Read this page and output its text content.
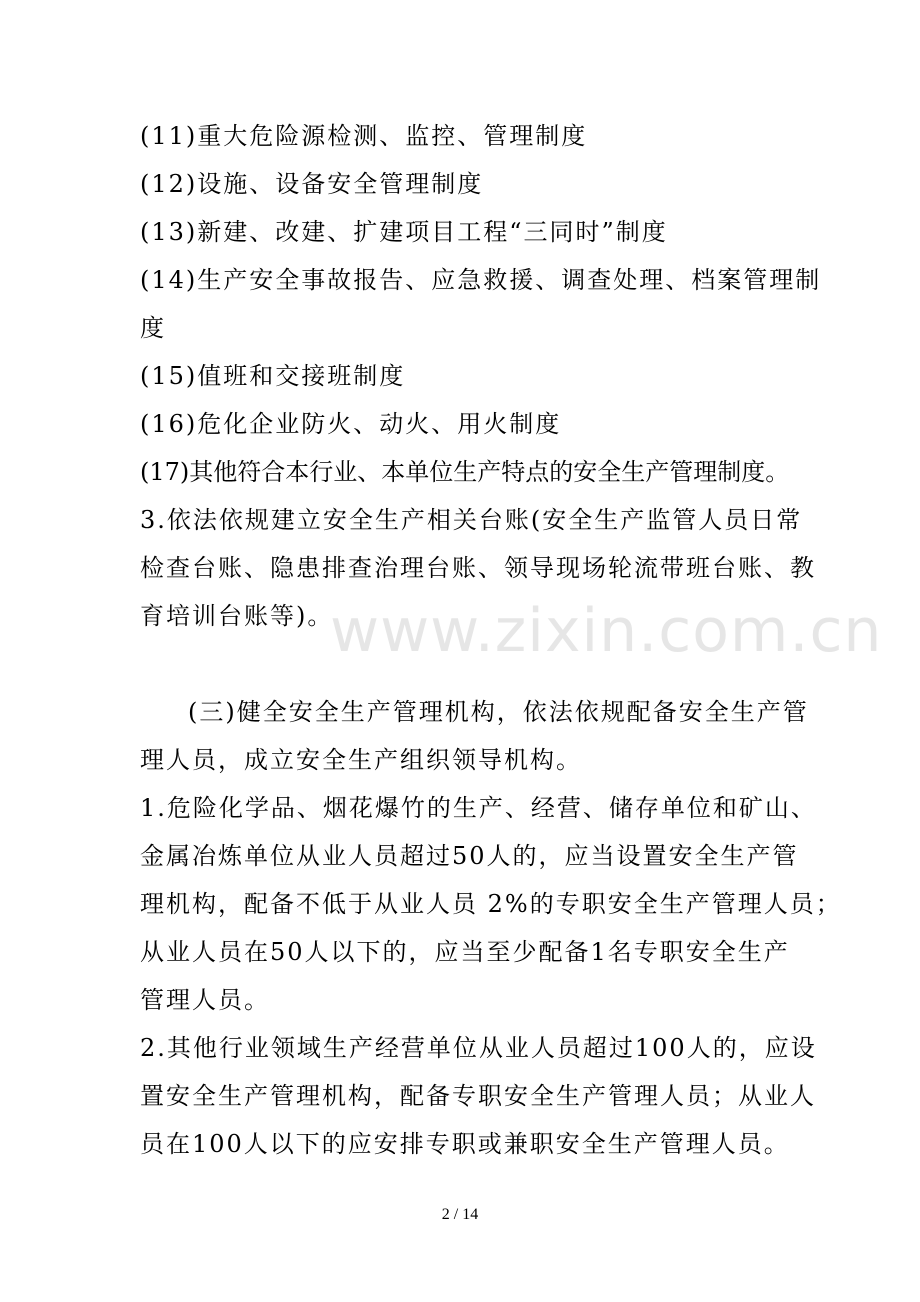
www.zixin.com.cn
(11)重大危险源检测、监控、管理制度
(12)设施、设备安全管理制度
(13)新建、改建、扩建项目工程“三同时”制度
(14)生产安全事故报告、应急救援、调查处理、档案管理制
度
(15)值班和交接班制度
(16)危化企业防火、动火、用火制度
(17)其他符合本行业、本单位生产特点的安全生产管理制度。
3.依法依规建立安全生产相关台账(安全生产监管人员日常
检查台账、隐患排查治理台账、领导现场轮流带班台账、教
育培训台账等)。
(三)健全安全生产管理机构，依法依规配备安全生产管
理人员，成立安全生产组织领导机构。
1.危险化学品、烟花爆竹的生产、经营、储存单位和矿山、
金属冶炼单位从业人员超过50人的，应当设置安全生产管
理机构，配备不低于从业人员 2%的专职安全生产管理人员；
从业人员在50人以下的，应当至少配备1名专职安全生产
管理人员。
2.其他行业领域生产经营单位从业人员超过100人的，应设
置安全生产管理机构，配备专职安全生产管理人员；从业人
员在100人以下的应安排专职或兼职安全生产管理人员。
2 / 14
